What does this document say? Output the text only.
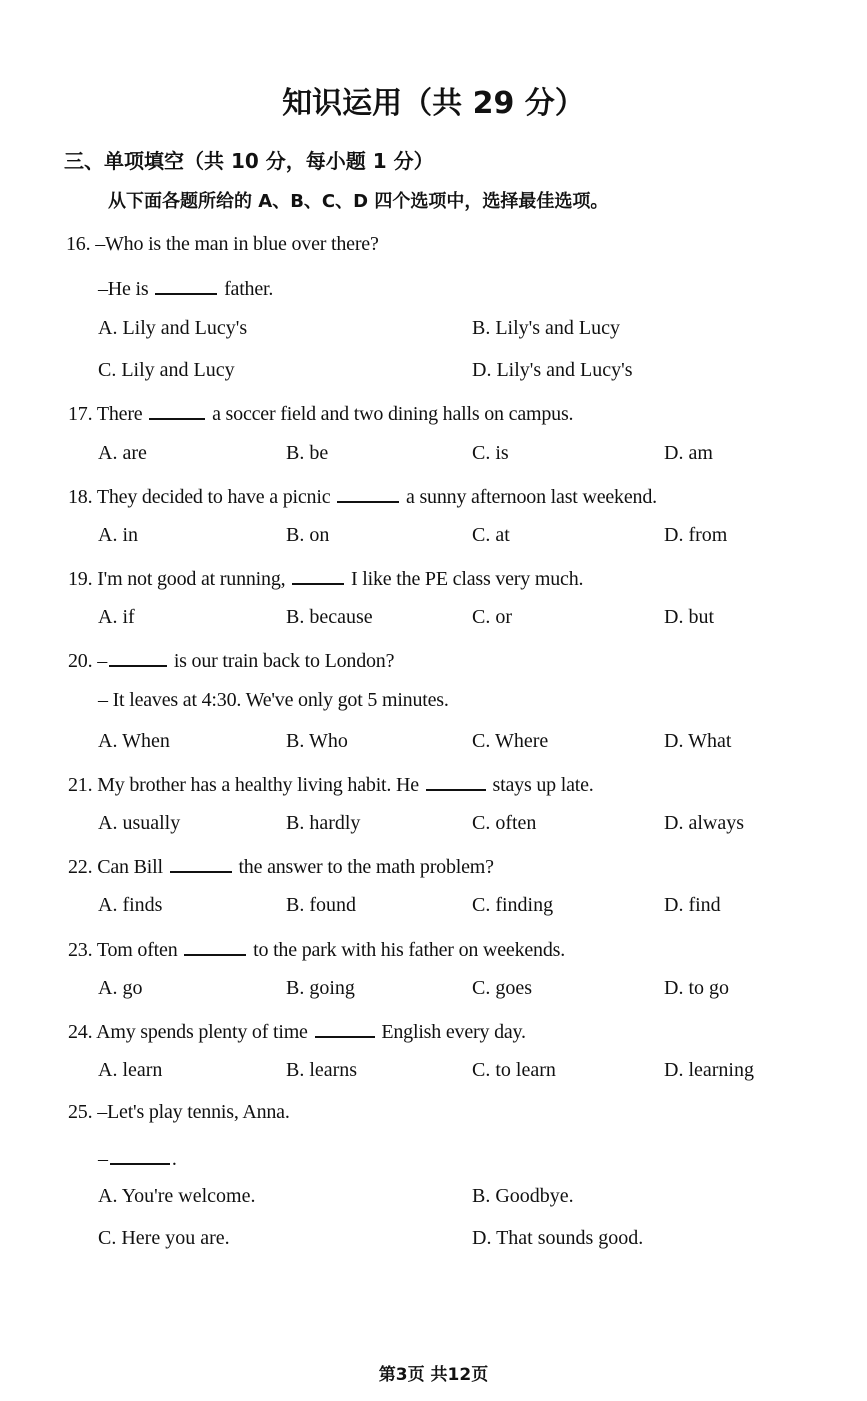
知识运用（共 29 分）
三、单项填空（共 10 分，每小题 1 分）
从下面各题所给的 A、B、C、D 四个选项中，选择最佳选项。
16. –Who is the man in blue over there?
–He is	father.
A. Lily and Lucy's	B. Lily's and Lucy
C. Lily and Lucy	D. Lily's and Lucy's
17. There	a soccer field and two dining halls on campus.
A. are	B. be	C. is	D. am
18. They decided to have a picnic	a sunny afternoon last weekend.
A. in	B. on	C. at	D. from
19. I'm not good at running,	I like the PE class very much.
A. if	B. because	C. or	D. but
20. –	is our train back to London?
– It leaves at 4:30. We've only got 5 minutes.
A. When	B. Who	C. Where	D. What
21. My brother has a healthy living habit. He	stays up late.
A. usually	B. hardly	C. often	D. always
22. Can Bill	the answer to the math problem?
A. finds	B. found	C. finding	D. find
23. Tom often	to the park with his father on weekends.
A. go	B. going	C. goes	D. to go
24. Amy spends plenty of time	English every day.
A. learn	B. learns	C. to learn	D. learning
25. –Let's play tennis, Anna.
–	.
A. You're welcome.	B. Goodbye.
C. Here you are.	D. That sounds good.
第3页 共12页
